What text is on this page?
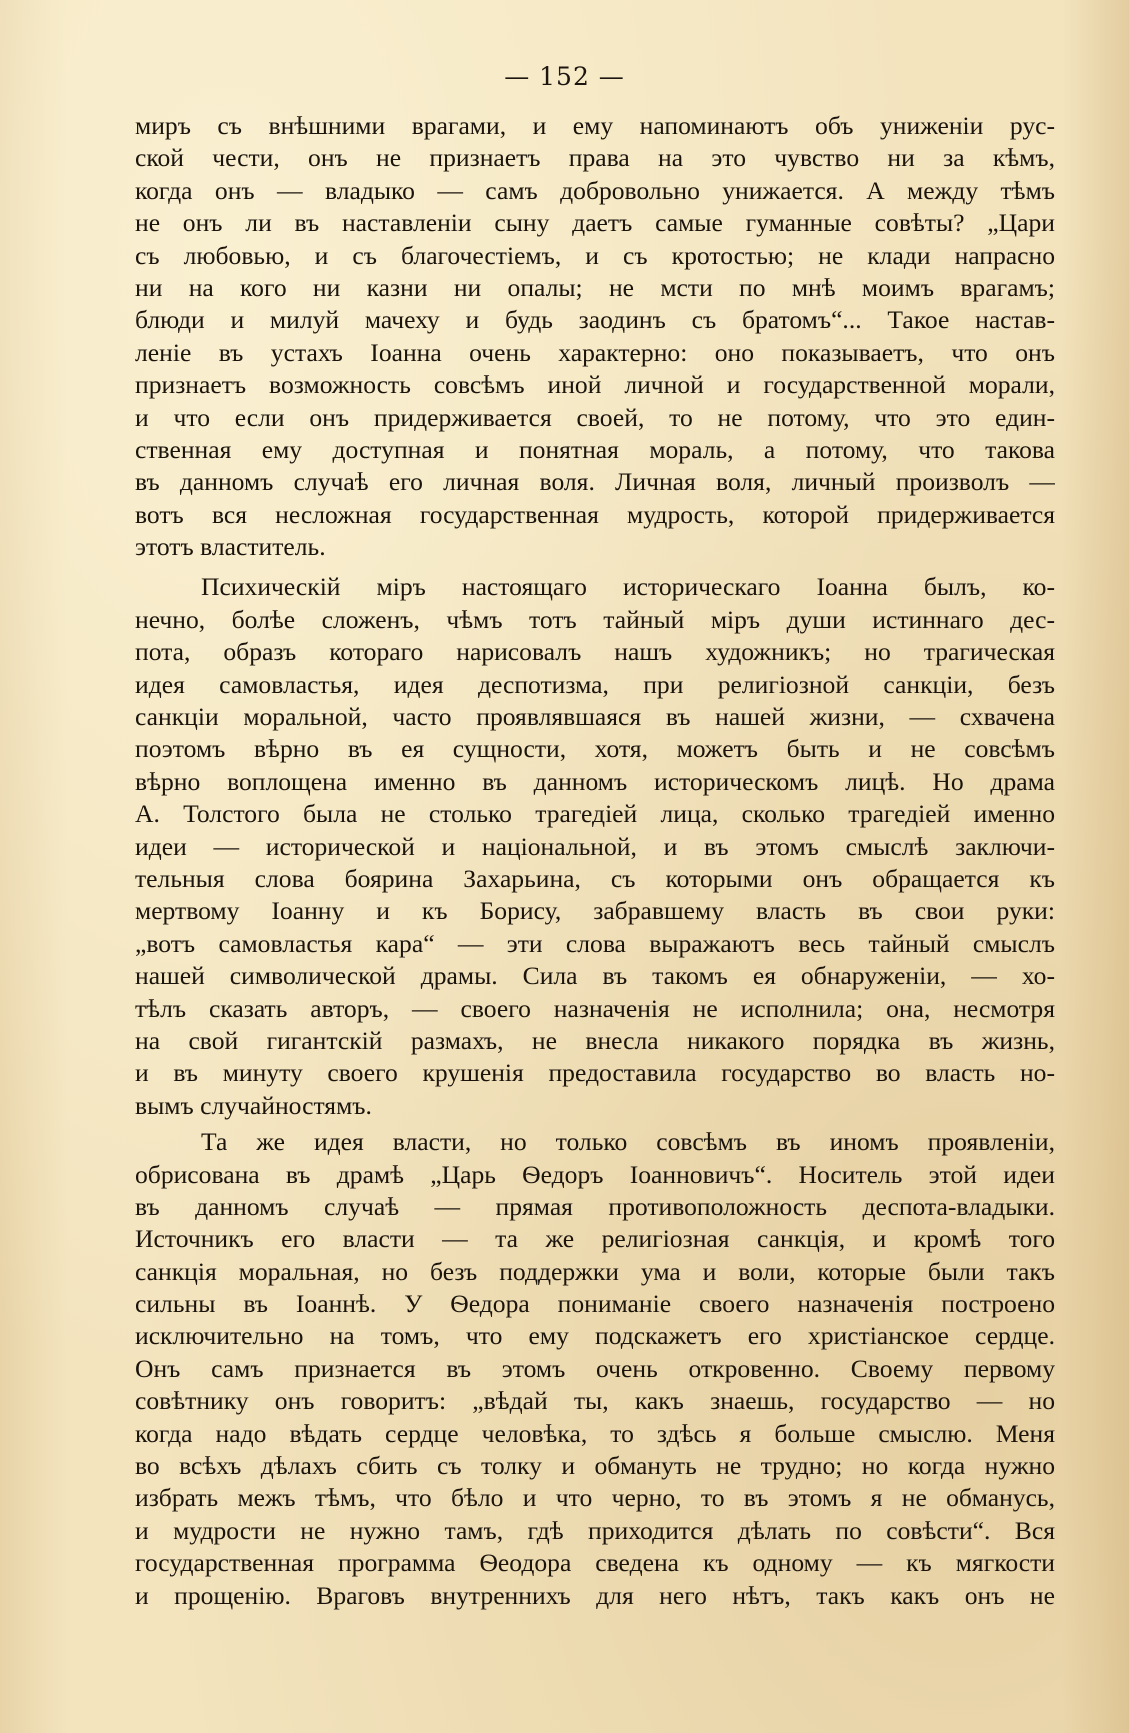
— 152 —
миръ съ внѣшними врагами, и ему напоминаютъ объ униженіи рус-
ской чести, онъ не признаетъ права на это чувство ни за кѣмъ,
когда онъ — владыко — самъ добровольно унижается. А между тѣмъ
не онъ ли въ наставленіи сыну даетъ самые гуманные совѣты? „Цари
съ любовью, и съ благочестіемъ, и съ кротостью; не клади напрасно
ни на кого ни казни ни опалы; не мсти по мнѣ моимъ врагамъ;
блюди и милуй мачеху и будь заодинъ съ братомъ“... Такое настав-
леніе въ устахъ Іоанна очень характерно: оно показываетъ, что онъ
признаетъ возможность совсѣмъ иной личной и государственной морали,
и что если онъ придерживается своей, то не потому, что это един-
ственная ему доступная и понятная мораль, а потому, что такова
въ данномъ случаѣ его личная воля. Личная воля, личный произволъ —
вотъ вся несложная государственная мудрость, которой придерживается
этотъ властитель.
Психическій міръ настоящаго историческаго Іоанна былъ, ко-
нечно, болѣе сложенъ, чѣмъ тотъ тайный міръ души истиннаго дес-
пота, образъ котораго нарисовалъ нашъ художникъ; но трагическая
идея самовластья, идея деспотизма, при религіозной санкціи, безъ
санкціи моральной, часто проявлявшаяся въ нашей жизни, — схвачена
поэтомъ вѣрно въ ея сущности, хотя, можетъ быть и не совсѣмъ
вѣрно воплощена именно въ данномъ историческомъ лицѣ. Но драма
А. Толстого была не столько трагедіей лица, сколько трагедіей именно
идеи — исторической и національной, и въ этомъ смыслѣ заключи-
тельныя слова боярина Захарьина, съ которыми онъ обращается къ
мертвому Іоанну и къ Борису, забравшему власть въ свои руки:
„вотъ самовластья кара“ — эти слова выражаютъ весь тайный смыслъ
нашей символической драмы. Сила въ такомъ ея обнаруженіи, — хо-
тѣлъ сказать авторъ, — своего назначенія не исполнила; она, несмотря
на свой гигантскій размахъ, не внесла никакого порядка въ жизнь,
и въ минуту своего крушенія предоставила государство во власть но-
вымъ случайностямъ.
Та же идея власти, но только совсѣмъ въ иномъ проявленіи,
обрисована въ драмѣ „Царь Ѳедоръ Іоанновичъ“. Носитель этой идеи
въ данномъ случаѣ — прямая противоположность деспота-владыки.
Источникъ его власти — та же религіозная санкція, и кромѣ того
санкція моральная, но безъ поддержки ума и воли, которые были такъ
сильны въ Іоаннѣ. У Ѳедора пониманіе своего назначенія построено
исключительно на томъ, что ему подскажетъ его христіанское сердце.
Онъ самъ признается въ этомъ очень откровенно. Своему первому
совѣтнику онъ говоритъ: „вѣдай ты, какъ знаешь, государство — но
когда надо вѣдать сердце человѣка, то здѣсь я больше смыслю. Меня
во всѣхъ дѣлахъ сбить съ толку и обмануть не трудно; но когда нужно
избрать межъ тѣмъ, что бѣло и что черно, то въ этомъ я не обманусь,
и мудрости не нужно тамъ, гдѣ приходится дѣлать по совѣсти“. Вся
государственная программа Ѳеодора сведена къ одному — къ мягкости
и прощенію. Враговъ внутреннихъ для него нѣтъ, такъ какъ онъ не
